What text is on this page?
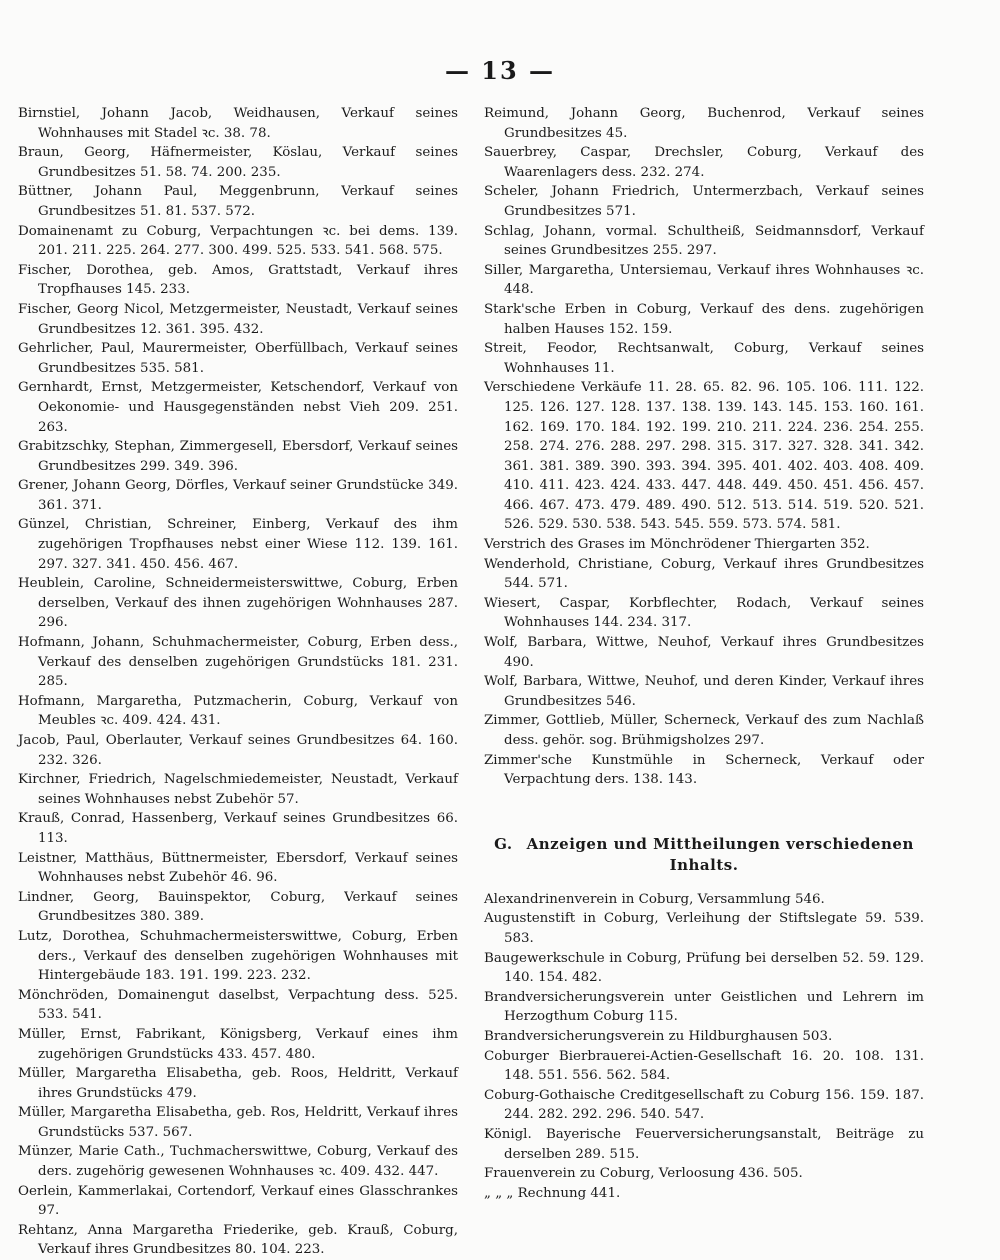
— 13 —

Birnstiel, Johann Jacob, Weidhausen, Verkauf seines Wohnhauses mit Stadel ꝛc. 38. 78.

Braun, Georg, Häfnermeister, Köslau, Verkauf seines Grundbesitzes 51. 58. 74. 200. 235.

Büttner, Johann Paul, Meggenbrunn, Verkauf seines Grundbesitzes 51. 81. 537. 572.

Domainenamt zu Coburg, Verpachtungen ꝛc. bei dems. 139. 201. 211. 225. 264. 277. 300. 499. 525. 533. 541. 568. 575.

Fischer, Dorothea, geb. Amos, Grattstadt, Verkauf ihres Tropfhauses 145. 233.

Fischer, Georg Nicol, Metzgermeister, Neustadt, Verkauf seines Grundbesitzes 12. 361. 395. 432.

Gehrlicher, Paul, Maurermeister, Oberfüllbach, Verkauf seines Grundbesitzes 535. 581.

Gernhardt, Ernst, Metzgermeister, Ketschendorf, Verkauf von Oekonomie- und Hausgegenständen nebst Vieh 209. 251. 263.

Grabitzschky, Stephan, Zimmergesell, Ebersdorf, Verkauf seines Grundbesitzes 299. 349. 396.

Grener, Johann Georg, Dörfles, Verkauf seiner Grundstücke 349. 361. 371.

Günzel, Christian, Schreiner, Einberg, Verkauf des ihm zugehörigen Tropfhauses nebst einer Wiese 112. 139. 161. 297. 327. 341. 450. 456. 467.

Heublein, Caroline, Schneidermeisterswittwe, Coburg, Erben derselben, Verkauf des ihnen zugehörigen Wohnhauses 287. 296.

Hofmann, Johann, Schuhmachermeister, Coburg, Erben dess., Verkauf des denselben zugehörigen Grundstücks 181. 231. 285.

Hofmann, Margaretha, Putzmacherin, Coburg, Verkauf von Meubles ꝛc. 409. 424. 431.

Jacob, Paul, Oberlauter, Verkauf seines Grundbesitzes 64. 160. 232. 326.

Kirchner, Friedrich, Nagelschmiedemeister, Neustadt, Verkauf seines Wohnhauses nebst Zubehör 57.

Krauß, Conrad, Hassenberg, Verkauf seines Grundbesitzes 66. 113.

Leistner, Matthäus, Büttnermeister, Ebersdorf, Verkauf seines Wohnhauses nebst Zubehör 46. 96.

Lindner, Georg, Bauinspektor, Coburg, Verkauf seines Grundbesitzes 380. 389.

Lutz, Dorothea, Schuhmachermeisterswittwe, Coburg, Erben ders., Verkauf des denselben zugehörigen Wohnhauses mit Hintergebäude 183. 191. 199. 223. 232.

Mönchröden, Domainengut daselbst, Verpachtung dess. 525. 533. 541.

Müller, Ernst, Fabrikant, Königsberg, Verkauf eines ihm zugehörigen Grundstücks 433. 457. 480.

Müller, Margaretha Elisabetha, geb. Roos, Heldritt, Verkauf ihres Grundstücks 479.

Müller, Margaretha Elisabetha, geb. Ros, Heldritt, Verkauf ihres Grundstücks 537. 567.

Münzer, Marie Cath., Tuchmacherswittwe, Coburg, Verkauf des ders. zugehörig gewesenen Wohnhauses ꝛc. 409. 432. 447.

Oerlein, Kammerlakai, Cortendorf, Verkauf eines Glasschrankes 97.

Rehtanz, Anna Margaretha Friederike, geb. Krauß, Coburg, Verkauf ihres Grundbesitzes 80. 104. 223.

Reimund, Johann Georg, Buchenrod, Verkauf seines Grundbesitzes 45.

Sauerbrey, Caspar, Drechsler, Coburg, Verkauf des Waarenlagers dess. 232. 274.

Scheler, Johann Friedrich, Untermerzbach, Verkauf seines Grundbesitzes 571.

Schlag, Johann, vormal. Schultheiß, Seidmannsdorf, Verkauf seines Grundbesitzes 255. 297.

Siller, Margaretha, Untersiemau, Verkauf ihres Wohnhauses ꝛc. 448.

Stark'sche Erben in Coburg, Verkauf des dens. zugehörigen halben Hauses 152. 159.

Streit, Feodor, Rechtsanwalt, Coburg, Verkauf seines Wohnhauses 11.

Verschiedene Verkäufe 11. 28. 65. 82. 96. 105. 106. 111. 122. 125. 126. 127. 128. 137. 138. 139. 143. 145. 153. 160. 161. 162. 169. 170. 184. 192. 199. 210. 211. 224. 236. 254. 255. 258. 274. 276. 288. 297. 298. 315. 317. 327. 328. 341. 342. 361. 381. 389. 390. 393. 394. 395. 401. 402. 403. 408. 409. 410. 411. 423. 424. 433. 447. 448. 449. 450. 451. 456. 457. 466. 467. 473. 479. 489. 490. 512. 513. 514. 519. 520. 521. 526. 529. 530. 538. 543. 545. 559. 573. 574. 581.

Verstrich des Grases im Mönchrödener Thiergarten 352.

Wenderhold, Christiane, Coburg, Verkauf ihres Grundbesitzes 544. 571.

Wiesert, Caspar, Korbflechter, Rodach, Verkauf seines Wohnhauses 144. 234. 317.

Wolf, Barbara, Wittwe, Neuhof, Verkauf ihres Grundbesitzes 490.

Wolf, Barbara, Wittwe, Neuhof, und deren Kinder, Verkauf ihres Grundbesitzes 546.

Zimmer, Gottlieb, Müller, Scherneck, Verkauf des zum Nachlaß dess. gehör. sog. Brühmigsholzes 297.

Zimmer'sche Kunstmühle in Scherneck, Verkauf oder Verpachtung ders. 138. 143.

G. Anzeigen und Mittheilungen verschiedenen Inhalts.

Alexandrinenverein in Coburg, Versammlung 546.

Augustenstift in Coburg, Verleihung der Stiftslegate 59. 539. 583.

Baugewerkschule in Coburg, Prüfung bei derselben 52. 59. 129. 140. 154. 482.

Brandversicherungsverein unter Geistlichen und Lehrern im Herzogthum Coburg 115.

Brandversicherungsverein zu Hildburghausen 503.

Coburger Bierbrauerei-Actien-Gesellschaft 16. 20. 108. 131. 148. 551. 556. 562. 584.

Coburg-Gothaische Creditgesellschaft zu Coburg 156. 159. 187. 244. 282. 292. 296. 540. 547.

Königl. Bayerische Feuerversicherungsanstalt, Beiträge zu derselben 289. 515.

Frauenverein zu Coburg, Verloosung 436. 505.

„ „ „ Rechnung 441.
